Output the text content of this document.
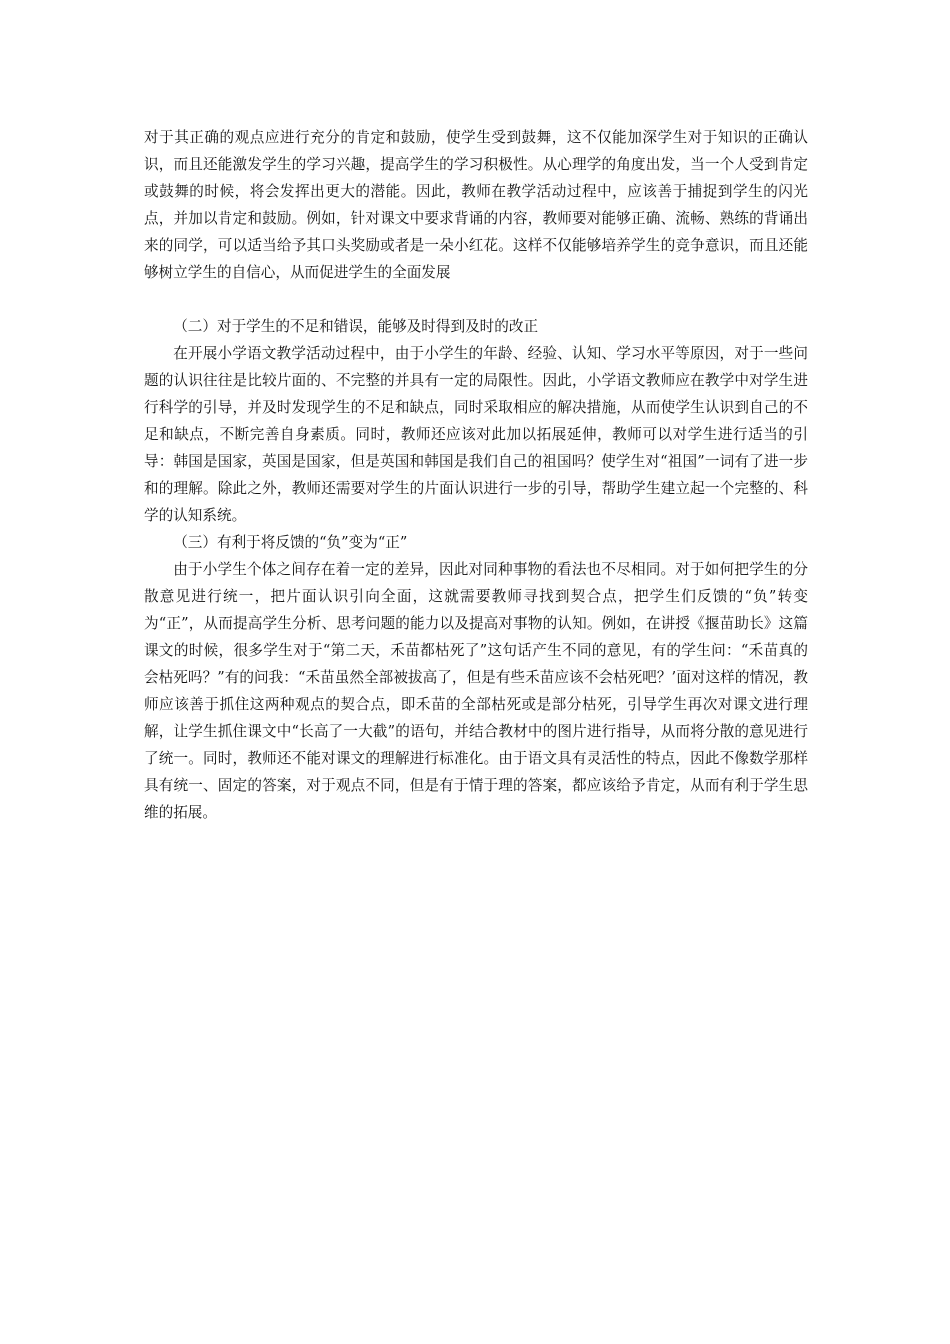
对于其正确的观点应进行充分的肯定和鼓励，使学生受到鼓舞，这不仅能加深学生对于知识的正确认识，而且还能激发学生的学习兴趣，提高学生的学习积极性。从心理学的角度出发，当一个人受到肯定或鼓舞的时候，将会发挥出更大的潜能。因此，教师在教学活动过程中，应该善于捕捉到学生的闪光点，并加以肯定和鼓励。例如，针对课文中要求背诵的内容，教师要对能够正确、流畅、熟练的背诵出来的同学，可以适当给予其口头奖励或者是一朵小红花。这样不仅能够培养学生的竞争意识，而且还能够树立学生的自信心，从而促进学生的全面发展

（二）对于学生的不足和错误，能够及时得到及时的改正

在开展小学语文教学活动过程中，由于小学生的年龄、经验、认知、学习水平等原因，对于一些问题的认识往往是比较片面的、不完整的并具有一定的局限性。因此，小学语文教师应在教学中对学生进行科学的引导，并及时发现学生的不足和缺点，同时采取相应的解决措施，从而使学生认识到自己的不足和缺点，不断完善自身素质。同时，教师还应该对此加以拓展延伸，教师可以对学生进行适当的引导：韩国是国家，英国是国家，但是英国和韩国是我们自己的祖国吗？使学生对“祖国”一词有了进一步和的理解。除此之外，教师还需要对学生的片面认识进行一步的引导，帮助学生建立起一个完整的、科学的认知系统。

（三）有利于将反馈的“负”变为“正”

由于小学生个体之间存在着一定的差异，因此对同种事物的看法也不尽相同。对于如何把学生的分散意见进行统一，把片面认识引向全面，这就需要教师寻找到契合点，把学生们反馈的“负”转变为“正”，从而提高学生分析、思考问题的能力以及提高对事物的认知。例如，在讲授《揠苗助长》这篇课文的时候，很多学生对于“第二天，禾苗都枯死了”这句话产生不同的意见，有的学生问：“禾苗真的会枯死吗？”有的问我：“禾苗虽然全部被拔高了，但是有些禾苗应该不会枯死吧？’面对这样的情况，教师应该善于抓住这两种观点的契合点，即禾苗的全部枯死或是部分枯死，引导学生再次对课文进行理解，让学生抓住课文中“长高了一大截”的语句，并结合教材中的图片进行指导，从而将分散的意见进行了统一。同时，教师还不能对课文的理解进行标准化。由于语文具有灵活性的特点，因此不像数学那样具有统一、固定的答案，对于观点不同，但是有于情于理的答案，都应该给予肯定，从而有利于学生思维的拓展。
